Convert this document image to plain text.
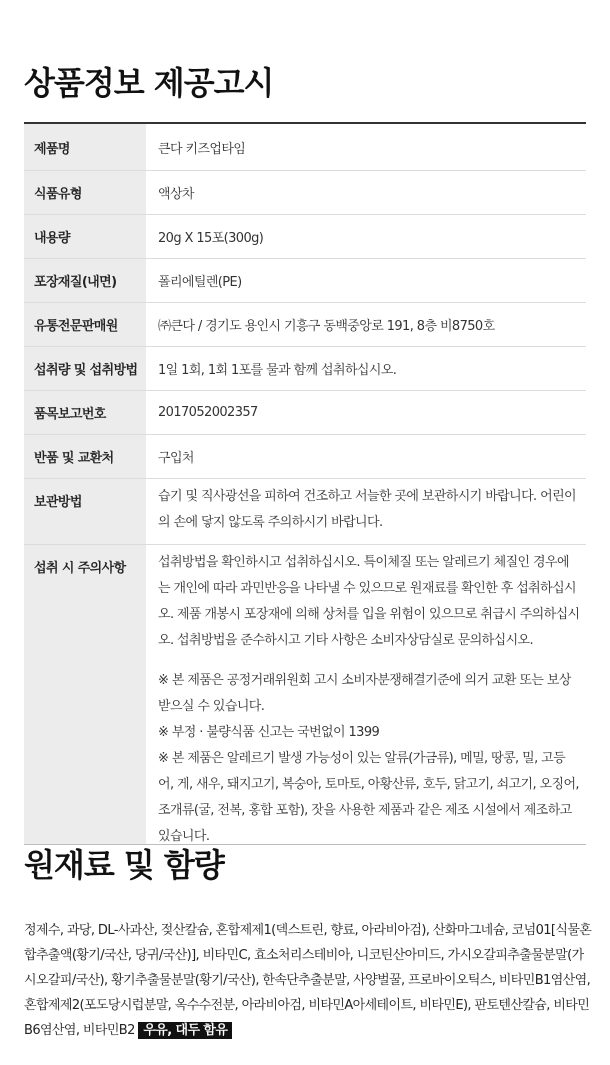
상품정보 제공고시
제품명	큰다 키즈업타임
식품유형	액상차
내용량	20g X 15포(300g)
포장재질(내면)	폴리에틸렌(PE)
유통전문판매원	㈜큰다 / 경기도 용인시 기흥구 동백중앙로 191, 8층 비8750호
섭취량 및 섭취방법	1일 1회, 1회 1포를 물과 함께 섭취하십시오.
품목보고번호	2017052002357
반품 및 교환처	구입처
보관방법	습기 및 직사광선을 피하여 건조하고 서늘한 곳에 보관하시기 바랍니다. 어린이의 손에 닿지 않도록 주의하시기 바랍니다.

섭취 시 주의사항	섭취방법을 확인하시고 섭취하십시오. 특이체질 또는 알레르기 체질인 경우에는 개인에 따라 과민반응을 나타낼 수 있으므로 원재료를 확인한 후 섭취하십시오. 제품 개봉시 포장재에 의해 상처를 입을 위험이 있으므로 취급시 주의하십시오. 섭취방법을 준수하시고 기타 사항은 소비자상담실로 문의하십시오.

※ 본 제품은 공정거래위원회 고시 소비자분쟁해결기준에 의거 교환 또는 보상 받으실 수 있습니다.

※ 부정 · 불량식품 신고는 국번없이 1399

※ 본 제품은 알레르기 발생 가능성이 있는 알류(가금류), 메밀, 땅콩, 밀, 고등어, 게, 새우, 돼지고기, 복숭아, 토마토, 아황산류, 호두, 닭고기, 쇠고기, 오징어, 조개류(굴, 전복, 홍합 포함), 잣을 사용한 제품과 같은 제조 시설에서 제조하고 있습니다.

원재료 및 함량
정제수, 과당, DL-사과산, 젖산칼슘, 혼합제제1(덱스트린, 향료, 아라비아검), 산화마그네슘, 코넘01[식물혼합추출액(황기/국산, 당귀/국산)], 비타민C, 효소처리스테비아, 니코틴산아미드, 가시오갈피추출물분말(가시오갈피/국산), 황기추출물분말(황기/국산), 한속단추출분말, 사양벌꿀, 프로바이오틱스, 비타민B1염산염, 혼합제제2(포도당시럽분말, 옥수수전분, 아라비아검, 비타민A아세테이트, 비타민E), 판토텐산칼슘, 비타민B6염산염, 비타민B2 우유, 대두 함유
